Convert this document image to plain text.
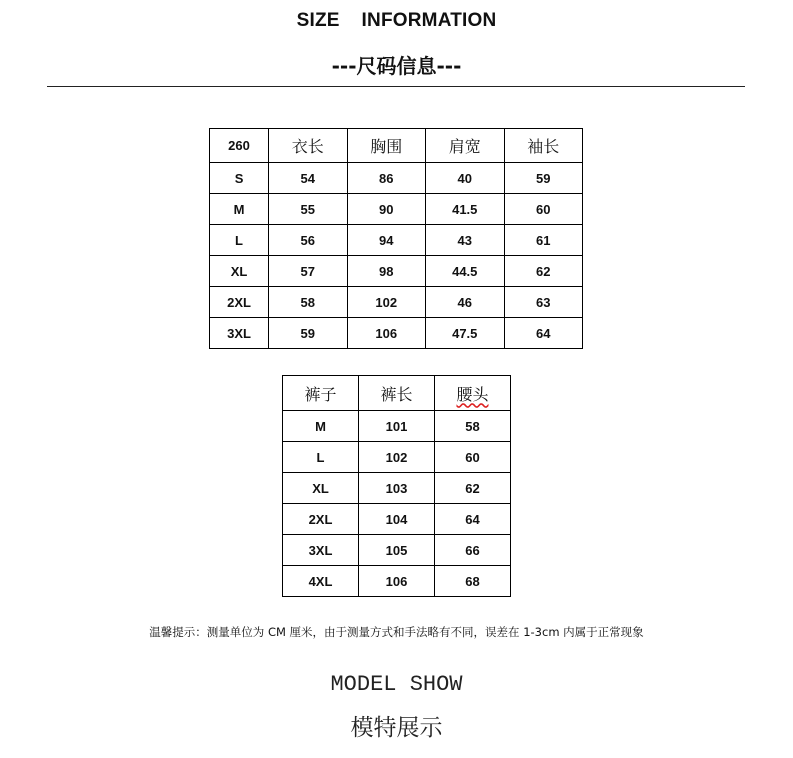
SIZE    INFORMATION
---尺码信息---
260	衣长	胸围	肩宽	袖长
S	54	86	40	59
M	55	90	41.5	60
L	56	94	43	61
XL	57	98	44.5	62
2XL	58	102	46	63
3XL	59	106	47.5	64
裤子	裤长	腰头
M	101	58
L	102	60
XL	103	62
2XL	104	64
3XL	105	66
4XL	106	68
温馨提示：测量单位为 CM 厘米，由于测量方式和手法略有不同，误差在 1-3cm 内属于正常现象
MODEL SHOW
模特展示
